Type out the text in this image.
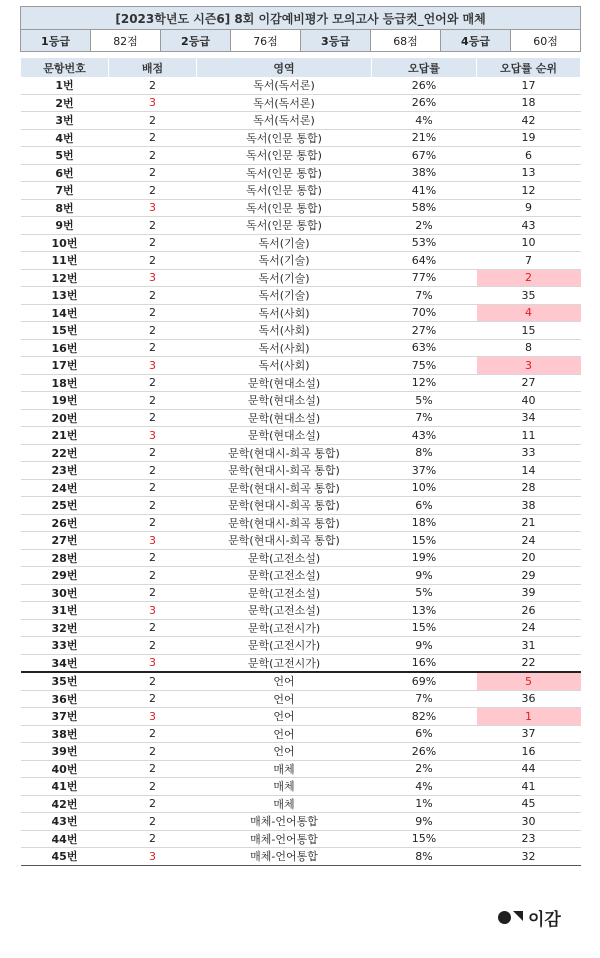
[2023학년도 시즌6] 8회 이감예비평가 모의고사 등급컷_언어와 매체
1등급	82점	2등급	76점	3등급	68점	4등급	60점
문항번호	배점	영역	오답률	오답률 순위
1번	2	독서(독서론)	26%	17
2번	3	독서(독서론)	26%	18
3번	2	독서(독서론)	4%	42
4번	2	독서(인문 통합)	21%	19
5번	2	독서(인문 통합)	67%	6
6번	2	독서(인문 통합)	38%	13
7번	2	독서(인문 통합)	41%	12
8번	3	독서(인문 통합)	58%	9
9번	2	독서(인문 통합)	2%	43
10번	2	독서(기술)	53%	10
11번	2	독서(기술)	64%	7
12번	3	독서(기술)	77%	2
13번	2	독서(기술)	7%	35
14번	2	독서(사회)	70%	4
15번	2	독서(사회)	27%	15
16번	2	독서(사회)	63%	8
17번	3	독서(사회)	75%	3
18번	2	문학(현대소설)	12%	27
19번	2	문학(현대소설)	5%	40
20번	2	문학(현대소설)	7%	34
21번	3	문학(현대소설)	43%	11
22번	2	문학(현대시-희곡 통합)	8%	33
23번	2	문학(현대시-희곡 통합)	37%	14
24번	2	문학(현대시-희곡 통합)	10%	28
25번	2	문학(현대시-희곡 통합)	6%	38
26번	2	문학(현대시-희곡 통합)	18%	21
27번	3	문학(현대시-희곡 통합)	15%	24
28번	2	문학(고전소설)	19%	20
29번	2	문학(고전소설)	9%	29
30번	2	문학(고전소설)	5%	39
31번	3	문학(고전소설)	13%	26
32번	2	문학(고전시가)	15%	24
33번	2	문학(고전시가)	9%	31
34번	3	문학(고전시가)	16%	22
35번	2	언어	69%	5
36번	2	언어	7%	36
37번	3	언어	82%	1
38번	2	언어	6%	37
39번	2	언어	26%	16
40번	2	매체	2%	44
41번	2	매체	4%	41
42번	2	매체	1%	45
43번	2	매체-언어통합	9%	30
44번	2	매체-언어통합	15%	23
45번	3	매체-언어통합	8%	32
이감
